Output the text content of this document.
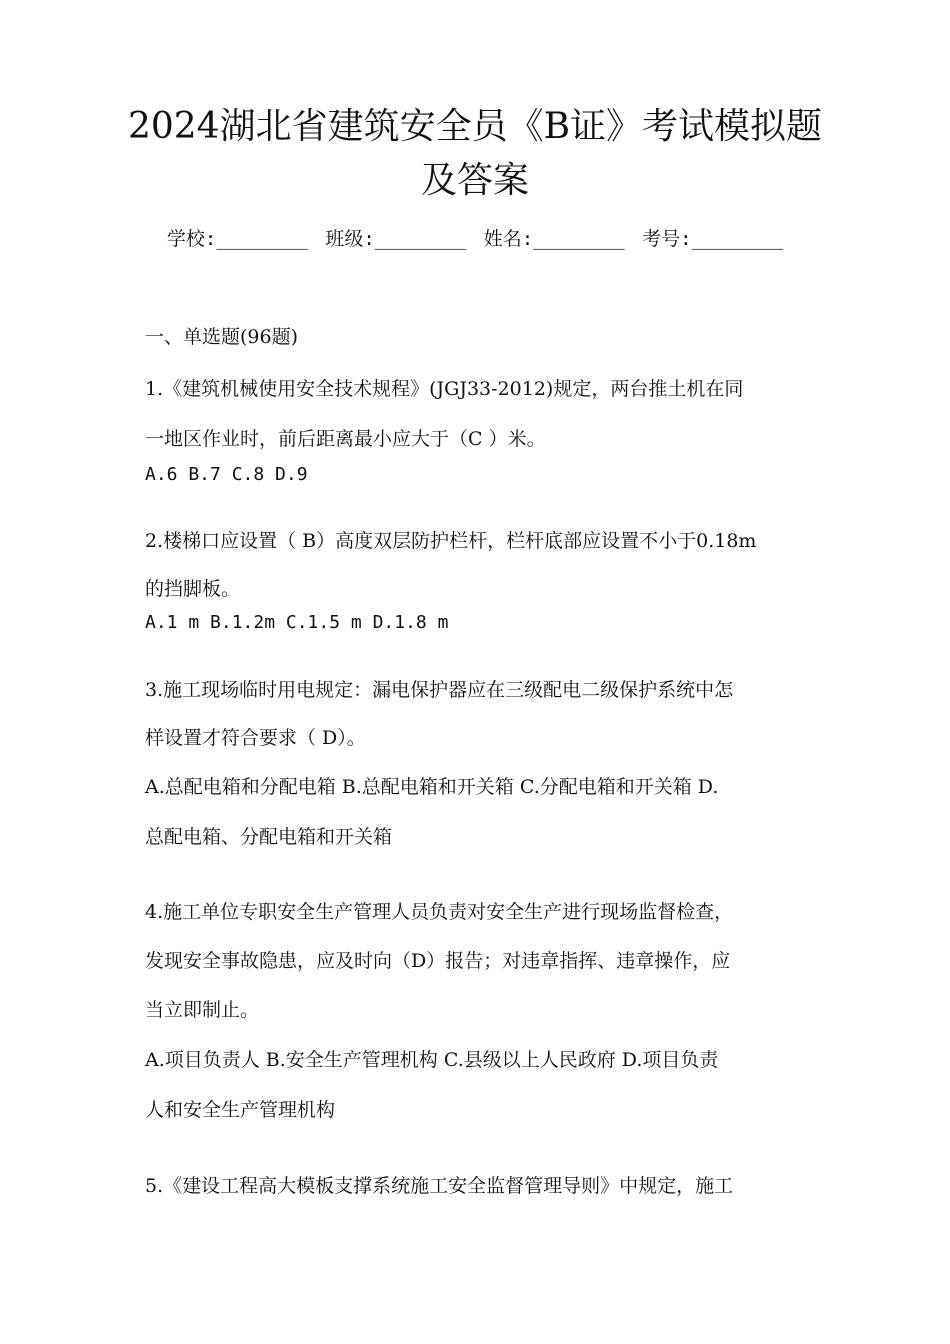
2024湖北省建筑安全员《B证》考试模拟题
及答案
学校:________ 班级:________ 姓名:________ 考号:________
一、单选题(96题)
1.《建筑机械使用安全技术规程》(JGJ33-2012)规定，两台推土机在同
一地区作业时，前后距离最小应大于（C ）米。
A.6 B.7 C.8 D.9
2.楼梯口应设置（ B）高度双层防护栏杆，栏杆底部应设置不小于0.18m
的挡脚板。
A.1 m B.1.2m C.1.5 m D.1.8 m
3.施工现场临时用电规定：漏电保护器应在三级配电二级保护系统中怎
样设置才符合要求（ D）。
A.总配电箱和分配电箱 B.总配电箱和开关箱 C.分配电箱和开关箱 D.
总配电箱、分配电箱和开关箱
4.施工单位专职安全生产管理人员负责对安全生产进行现场监督检查，
发现安全事故隐患，应及时向（D）报告；对违章指挥、违章操作，应
当立即制止。
A.项目负责人 B.安全生产管理机构 C.县级以上人民政府 D.项目负责
人和安全生产管理机构
5.《建设工程高大模板支撑系统施工安全监督管理导则》中规定，施工
